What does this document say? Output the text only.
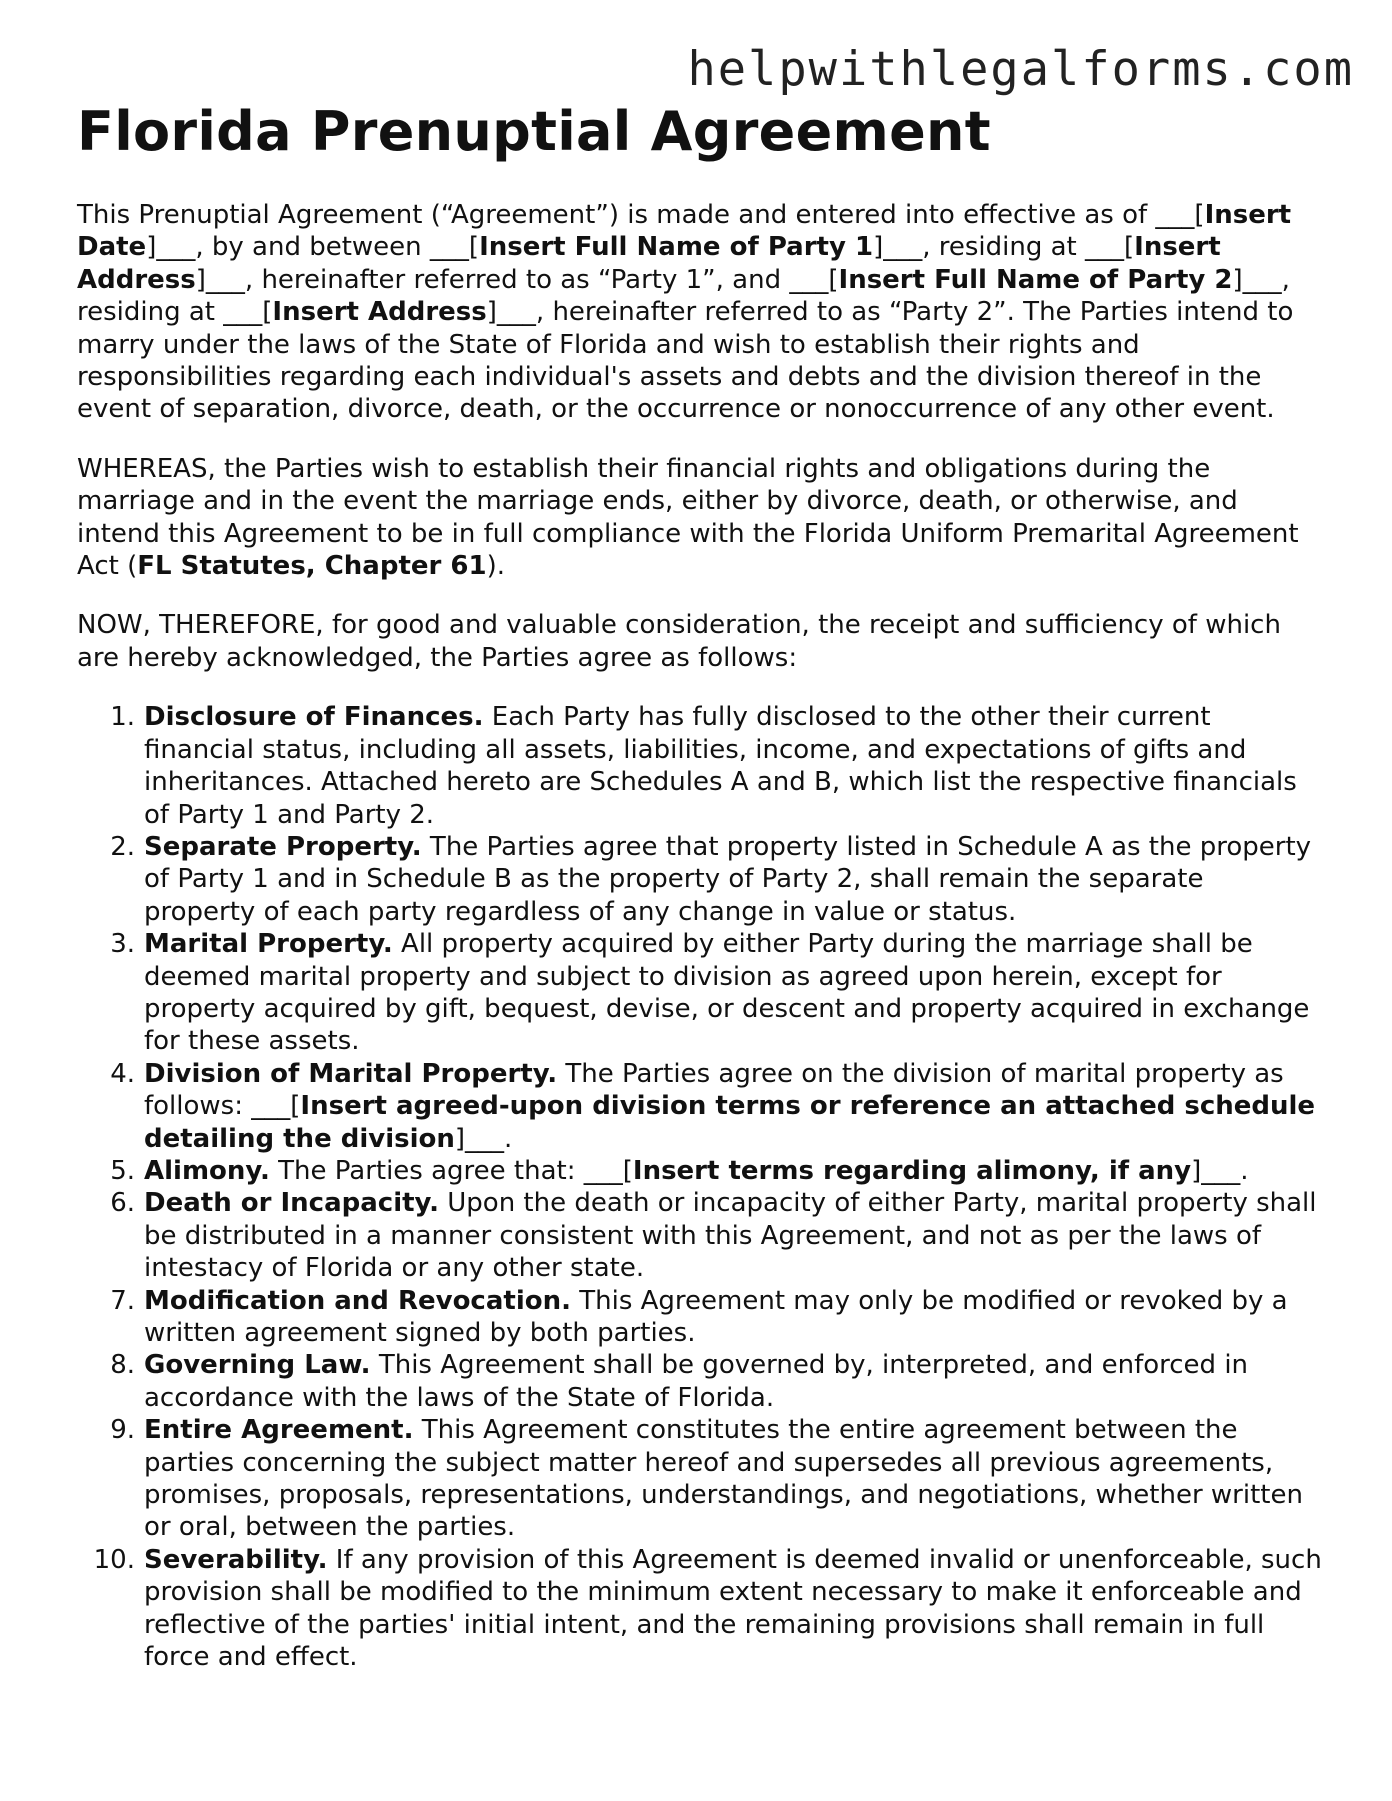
helpwithlegalforms.com
Florida Prenuptial Agreement

This Prenuptial Agreement (“Agreement”) is made and entered into effective as of ___[Insert Date]___, by and between ___[Insert Full Name of Party 1]___, residing at ___[Insert Address]___, hereinafter referred to as “Party 1”, and ___[Insert Full Name of Party 2]___, residing at ___[Insert Address]___, hereinafter referred to as “Party 2”. The Parties intend to marry under the laws of the State of Florida and wish to establish their rights and responsibilities regarding each individual's assets and debts and the division thereof in the event of separation, divorce, death, or the occurrence or nonoccurrence of any other event.

WHEREAS, the Parties wish to establish their financial rights and obligations during the marriage and in the event the marriage ends, either by divorce, death, or otherwise, and intend this Agreement to be in full compliance with the Florida Uniform Premarital Agreement Act (FL Statutes, Chapter 61).

NOW, THEREFORE, for good and valuable consideration, the receipt and sufficiency of which are hereby acknowledged, the Parties agree as follows:

1. Disclosure of Finances. Each Party has fully disclosed to the other their current financial status, including all assets, liabilities, income, and expectations of gifts and inheritances. Attached hereto are Schedules A and B, which list the respective financials of Party 1 and Party 2.
2. Separate Property. The Parties agree that property listed in Schedule A as the property of Party 1 and in Schedule B as the property of Party 2, shall remain the separate property of each party regardless of any change in value or status.
3. Marital Property. All property acquired by either Party during the marriage shall be deemed marital property and subject to division as agreed upon herein, except for property acquired by gift, bequest, devise, or descent and property acquired in exchange for these assets.
4. Division of Marital Property. The Parties agree on the division of marital property as follows: ___[Insert agreed-upon division terms or reference an attached schedule detailing the division]___.
5. Alimony. The Parties agree that: ___[Insert terms regarding alimony, if any]___.
6. Death or Incapacity. Upon the death or incapacity of either Party, marital property shall be distributed in a manner consistent with this Agreement, and not as per the laws of intestacy of Florida or any other state.
7. Modification and Revocation. This Agreement may only be modified or revoked by a written agreement signed by both parties.
8. Governing Law. This Agreement shall be governed by, interpreted, and enforced in accordance with the laws of the State of Florida.
9. Entire Agreement. This Agreement constitutes the entire agreement between the parties concerning the subject matter hereof and supersedes all previous agreements, promises, proposals, representations, understandings, and negotiations, whether written or oral, between the parties.
10. Severability. If any provision of this Agreement is deemed invalid or unenforceable, such provision shall be modified to the minimum extent necessary to make it enforceable and reflective of the parties' initial intent, and the remaining provisions shall remain in full force and effect.
